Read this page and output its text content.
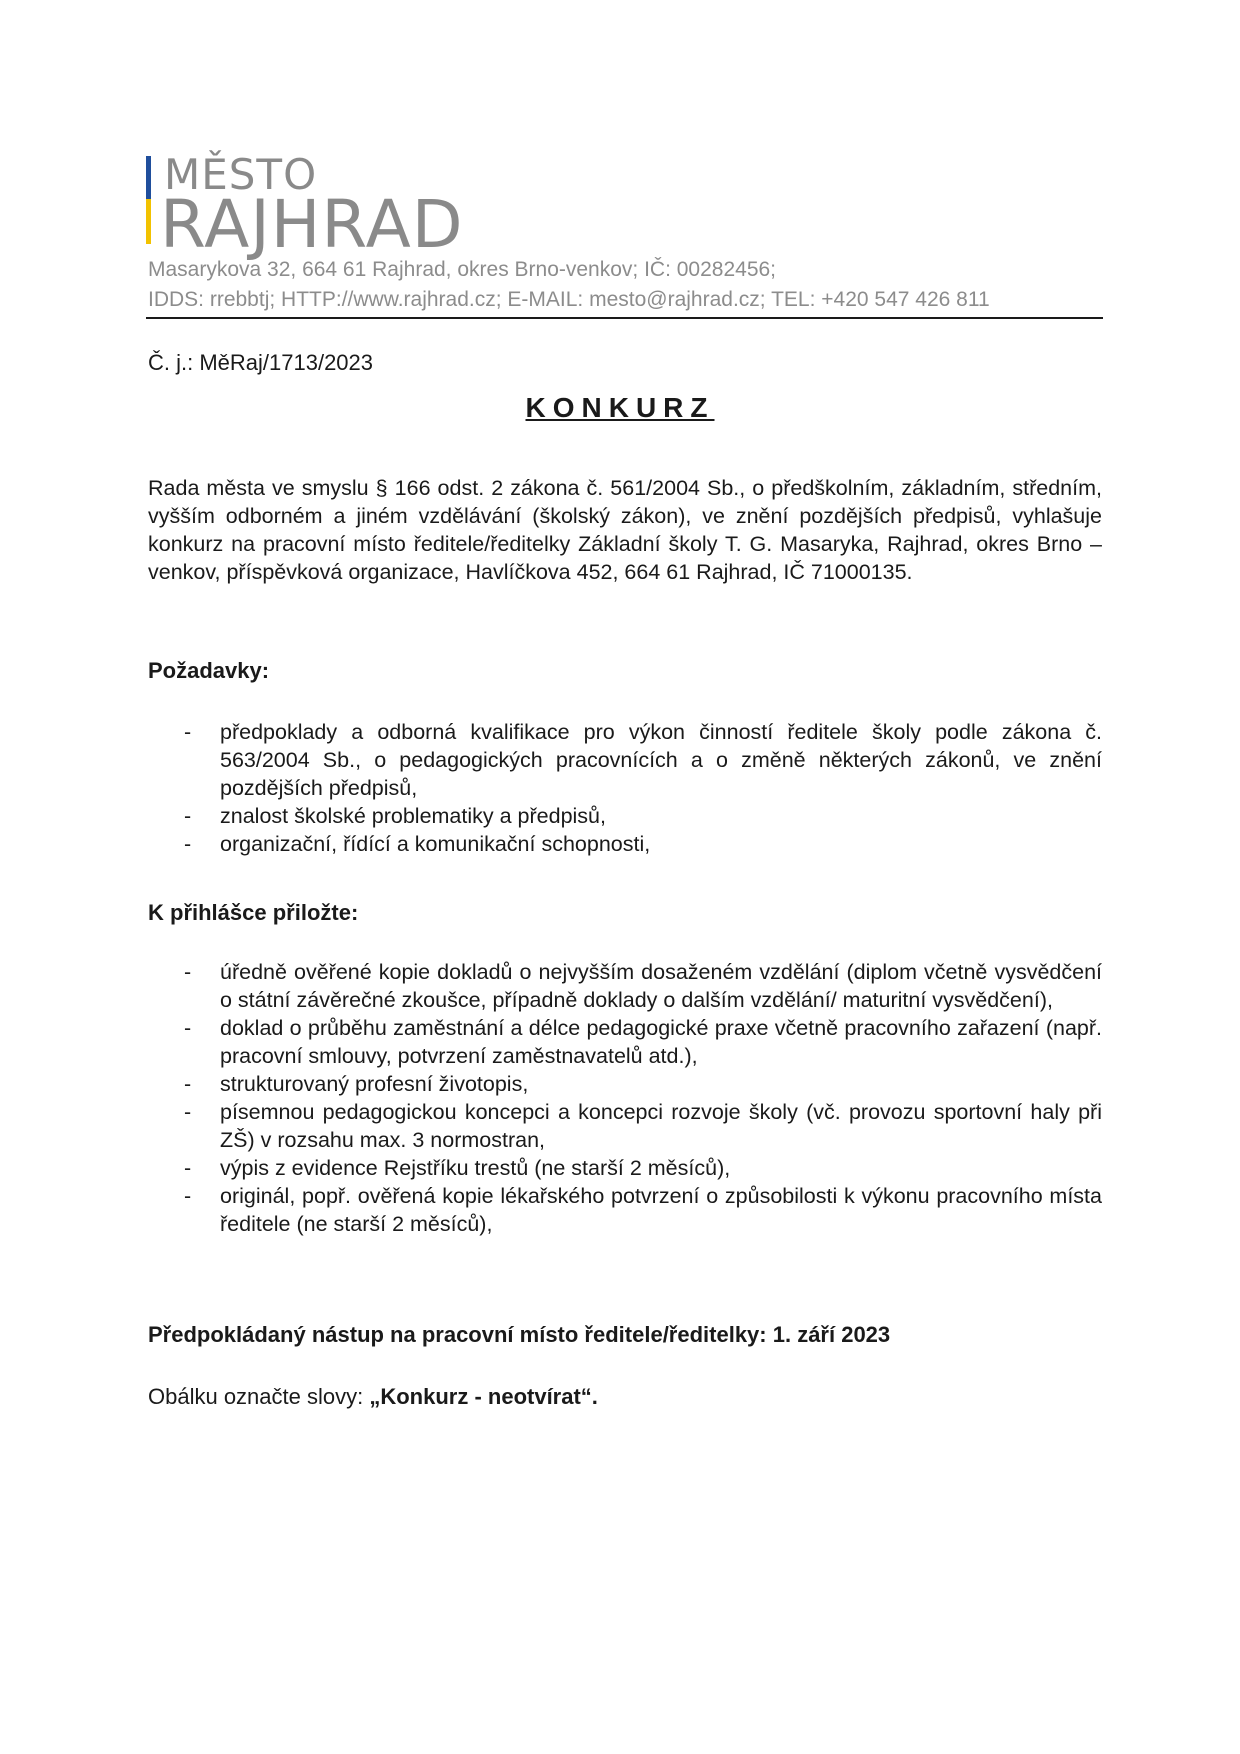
MĚSTO
RAJHRAD
Masarykova 32, 664 61 Rajhrad, okres Brno-venkov; IČ: 00282456;
IDDS: rrebbtj; HTTP://www.rajhrad.cz; E-MAIL: mesto@rajhrad.cz; TEL: +420 547 426 811
Č. j.: MěRaj/1713/2023
KONKURZ
Rada města ve smyslu § 166 odst. 2 zákona č. 561/2004 Sb., o předškolním, základním, středním, vyšším odborném a jiném vzdělávání (školský zákon), ve znění pozdějších předpisů, vyhlašuje konkurz na pracovní místo ředitele/ředitelky Základní školy T. G. Masaryka, Rajhrad, okres Brno – venkov, příspěvková organizace, Havlíčkova 452, 664 61 Rajhrad, IČ 71000135.
Požadavky:
- předpoklady a odborná kvalifikace pro výkon činností ředitele školy podle zákona č. 563/2004 Sb., o pedagogických pracovnících a o změně některých zákonů, ve znění pozdějších předpisů,
- znalost školské problematiky a předpisů,
- organizační, řídící a komunikační schopnosti,
K přihlášce přiložte:
- úředně ověřené kopie dokladů o nejvyšším dosaženém vzdělání (diplom včetně vysvědčení o státní závěrečné zkoušce, případně doklady o dalším vzdělání/ maturitní vysvědčení),
- doklad o průběhu zaměstnání a délce pedagogické praxe včetně pracovního zařazení (např. pracovní smlouvy, potvrzení zaměstnavatelů atd.),
- strukturovaný profesní životopis,
- písemnou pedagogickou koncepci a koncepci rozvoje školy (vč. provozu sportovní haly při ZŠ) v rozsahu max. 3 normostran,
- výpis z evidence Rejstříku trestů (ne starší 2 měsíců),
- originál, popř. ověřená kopie lékařského potvrzení o způsobilosti k výkonu pracovního místa ředitele (ne starší 2 měsíců),
Předpokládaný nástup na pracovní místo ředitele/ředitelky: 1. září 2023
Obálku označte slovy: „Konkurz - neotvírat“.
